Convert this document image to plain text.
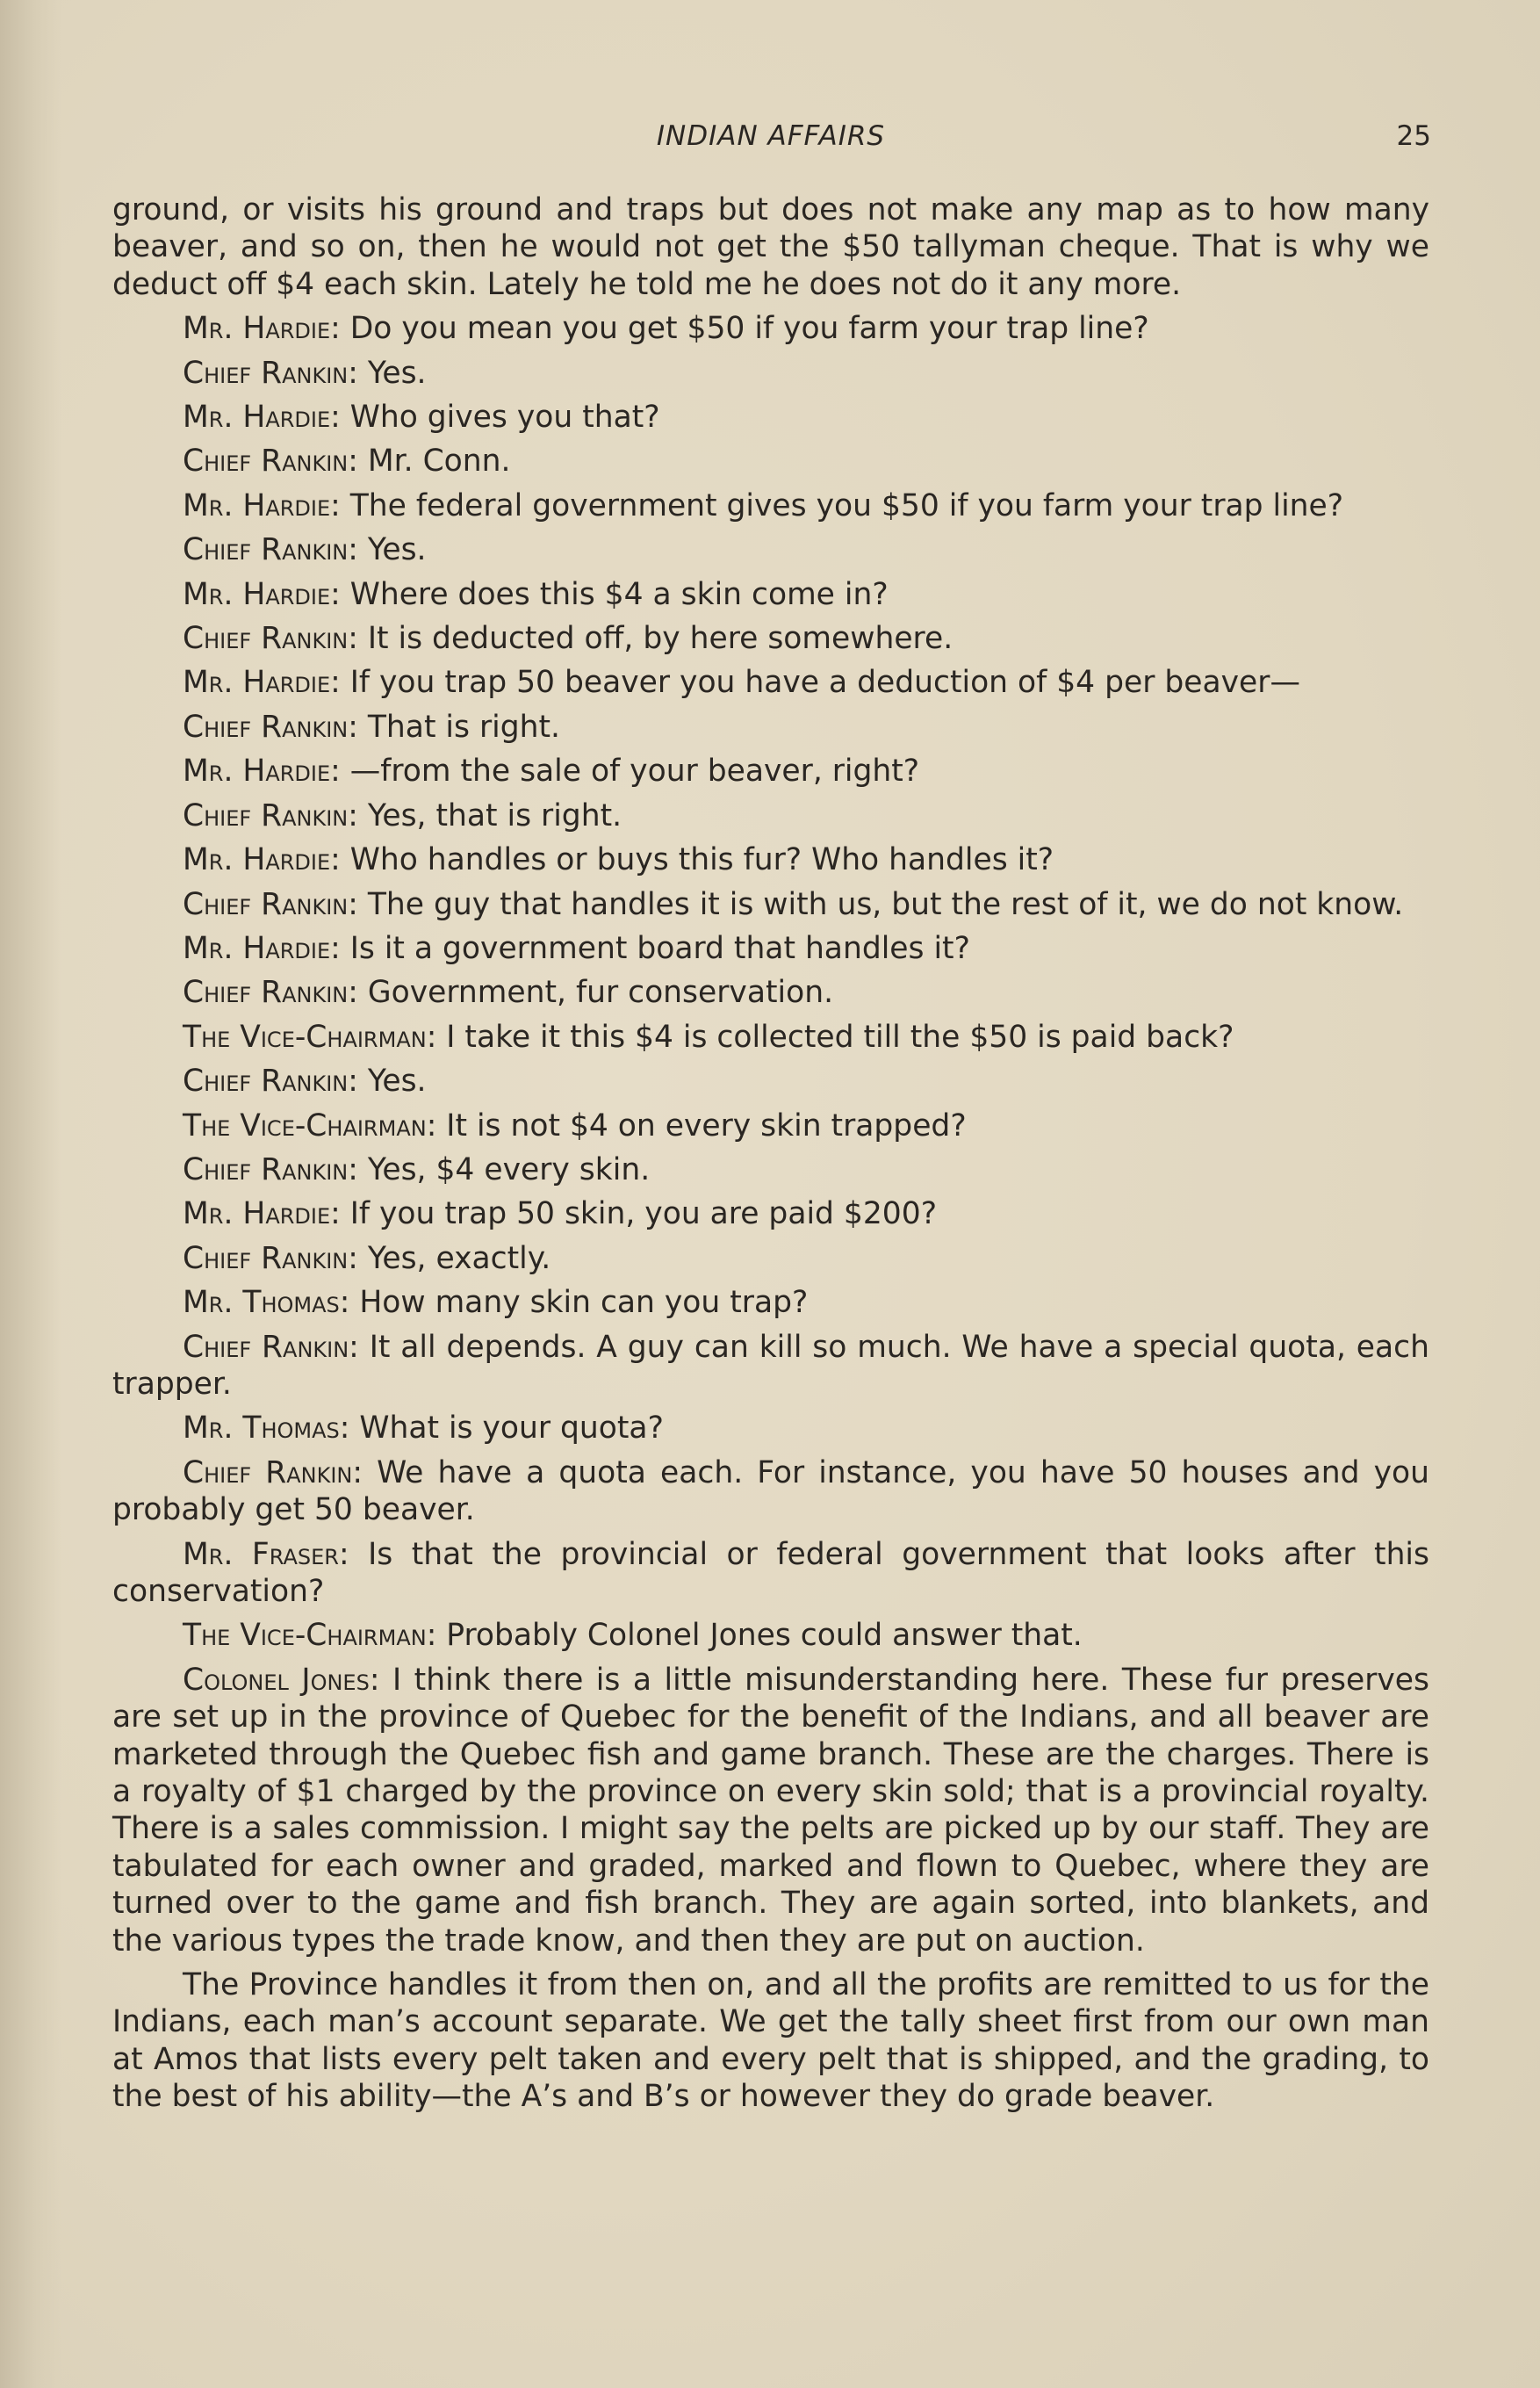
INDIAN AFFAIRS	25

ground, or visits his ground and traps but does not make any map as to how many beaver, and so on, then he would not get the $50 tallyman cheque. That is why we deduct off $4 each skin. Lately he told me he does not do it any more.

Mr. Hardie: Do you mean you get $50 if you farm your trap line?

Chief Rankin: Yes.

Mr. Hardie: Who gives you that?

Chief Rankin: Mr. Conn.

Mr. Hardie: The federal government gives you $50 if you farm your trap line?

Chief Rankin: Yes.

Mr. Hardie: Where does this $4 a skin come in?

Chief Rankin: It is deducted off, by here somewhere.

Mr. Hardie: If you trap 50 beaver you have a deduction of $4 per beaver—

Chief Rankin: That is right.

Mr. Hardie: —from the sale of your beaver, right?

Chief Rankin: Yes, that is right.

Mr. Hardie: Who handles or buys this fur? Who handles it?

Chief Rankin: The guy that handles it is with us, but the rest of it, we do not know.

Mr. Hardie: Is it a government board that handles it?

Chief Rankin: Government, fur conservation.

The Vice-Chairman: I take it this $4 is collected till the $50 is paid back?

Chief Rankin: Yes.

The Vice-Chairman: It is not $4 on every skin trapped?

Chief Rankin: Yes, $4 every skin.

Mr. Hardie: If you trap 50 skin, you are paid $200?

Chief Rankin: Yes, exactly.

Mr. Thomas: How many skin can you trap?

Chief Rankin: It all depends. A guy can kill so much. We have a special quota, each trapper.

Mr. Thomas: What is your quota?

Chief Rankin: We have a quota each. For instance, you have 50 houses and you probably get 50 beaver.

Mr. Fraser: Is that the provincial or federal government that looks after this conservation?

The Vice-Chairman: Probably Colonel Jones could answer that.

Colonel Jones: I think there is a little misunderstanding here. These fur preserves are set up in the province of Quebec for the benefit of the Indians, and all beaver are marketed through the Quebec fish and game branch. These are the charges. There is a royalty of $1 charged by the province on every skin sold; that is a provincial royalty. There is a sales commission. I might say the pelts are picked up by our staff. They are tabulated for each owner and graded, marked and flown to Quebec, where they are turned over to the game and fish branch. They are again sorted, into blankets, and the various types the trade know, and then they are put on auction.

The Province handles it from then on, and all the profits are remitted to us for the Indians, each man’s account separate. We get the tally sheet first from our own man at Amos that lists every pelt taken and every pelt that is shipped, and the grading, to the best of his ability—the A’s and B’s or however they do grade beaver.
